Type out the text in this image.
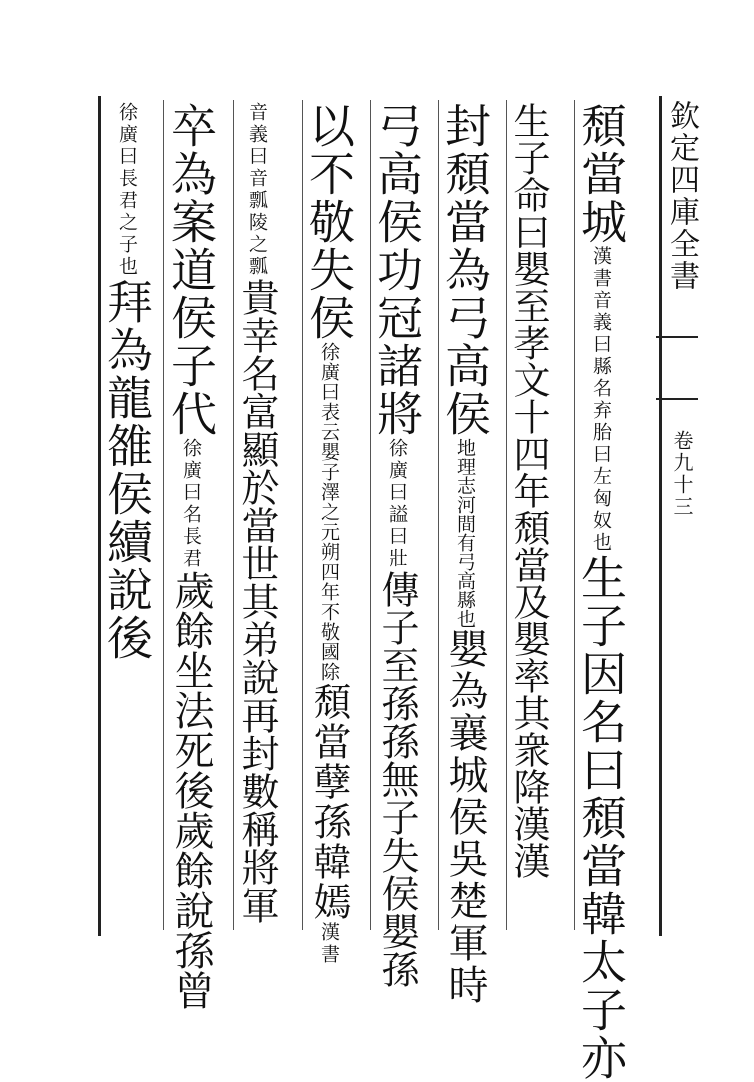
欽定四庫全書
卷九十三
頹當城漢書音義曰縣名弃胎曰左匈奴也生子因名曰頹當韓太子亦
生子命曰嬰至孝文十四年頹當及嬰率其衆降漢漢
封頹當為弓高侯地理志河間有弓高縣也嬰為襄城侯吳楚軍時
弓高侯功冠諸將徐廣曰謚曰壯傳子至孫孫無子失侯嬰孫
以不敬失侯徐廣曰表云嬰子澤之元朔四年不敬國除頹當孽孫韓嫣漢書
音義曰音瓢陵之瓢貴幸名富顯於當世其弟說再封數稱將軍
卒為案道侯子代徐廣曰名長君歲餘坐法死後歲餘說孫曾
徐廣曰長君之子也拜為龍雒侯續說後
